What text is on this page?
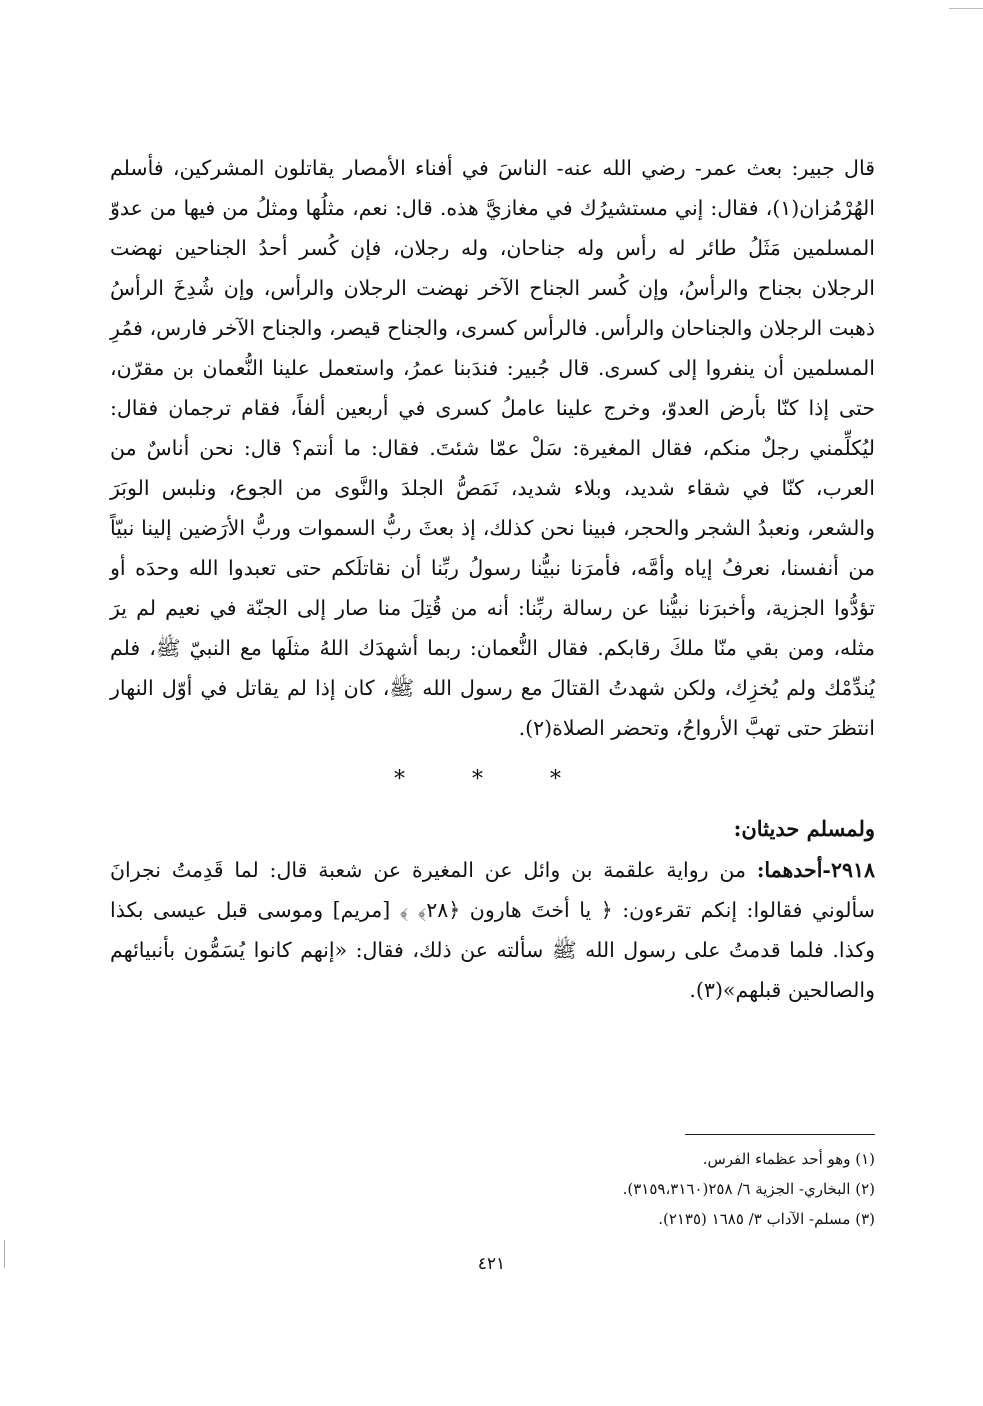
قال جبير: بعث عمر- رضي الله عنه- الناسَ في أفناء الأمصار يقاتلون المشركين، فأسلم الهُرْمُزان(١)، فقال: إني مستشيرُك في مغازيَّ هذه. قال: نعم، مثلُها ومثلُ من فيها من عدوّ المسلمين مَثَلُ طائر له رأس وله جناحان، وله رجلان، فإن كُسر أحدُ الجناحين نهضت الرجلان بجناح والرأسُ، وإن كُسر الجناح الآخر نهضت الرجلان والرأس، وإن شُدِخَ الرأسُ ذهبت الرجلان والجناحان والرأس. فالرأس كسرى، والجناح قيصر، والجناح الآخر فارس، فمُرِ المسلمين أن ينفروا إلى كسرى. قال جُبير: فندَبنا عمرُ، واستعمل علينا النُّعمان بن مقرّن، حتى إذا كنّا بأرض العدوّ، وخرج علينا عاملُ كسرى في أربعين ألفاً، فقام ترجمان فقال: ليُكلِّمني رجلٌ منكم، فقال المغيرة: سَلْ عمّا شئتَ. فقال: ما أنتم؟ قال: نحن أناسٌ من العرب، كنّا في شقاء شديد، وبلاء شديد، نَمَصُّ الجلدَ والنَّوى من الجوع، ونلبس الوبَرَ والشعر، ونعبدُ الشجر والحجر، فبينا نحن كذلك، إذ بعثَ ربُّ السموات وربُّ الأرَضين إلينا نبيّاً من أنفسنا، نعرفُ إياه وأمَّه، فأمرَنا نبيُّنا رسولُ ربِّنا أن نقاتلَكم حتى تعبدوا الله وحدَه أو تؤدُّوا الجزية، وأخبرَنا نبيُّنا عن رسالة ربِّنا: أنه من قُتِلَ منا صار إلى الجنّة في نعيم لم يرَ مثله، ومن بقي منّا ملكَ رقابكم. فقال النُّعمان: ربما أشهدَك اللهُ مثلَها مع النبيّ ﷺ، فلم يُندِّمْك ولم يُخزِك، ولكن شهدتُ القتالَ مع رسول الله ﷺ، كان إذا لم يقاتل في أوّل النهار انتظرَ حتى تهبَّ الأرواحُ، وتحضر الصلاة(٢).

* * *

ولمسلم حديثان:

٢٩١٨-أحدهما: من رواية علقمة بن وائل عن المغيرة عن شعبة قال: لما قَدِمتُ نجرانَ سألوني فقالوا: إنكم تقرءون: ﴿ يا أختَ هارون ﴿٢٨﴾ ﴾ [مريم] وموسى قبل عيسى بكذا وكذا. فلما قدمتُ على رسول الله ﷺ سألته عن ذلك، فقال: «إنهم كانوا يُسَمُّون بأنبيائهم والصالحين قبلهم»(٣).

(١) وهو أحد عظماء الفرس.
(٢) البخاري- الجزية ٦/ ٢٥٨(٣١٥٩،٣١٦٠).
(٣) مسلم- الآداب ٣/ ١٦٨٥ (٢١٣٥).
٤٢١
